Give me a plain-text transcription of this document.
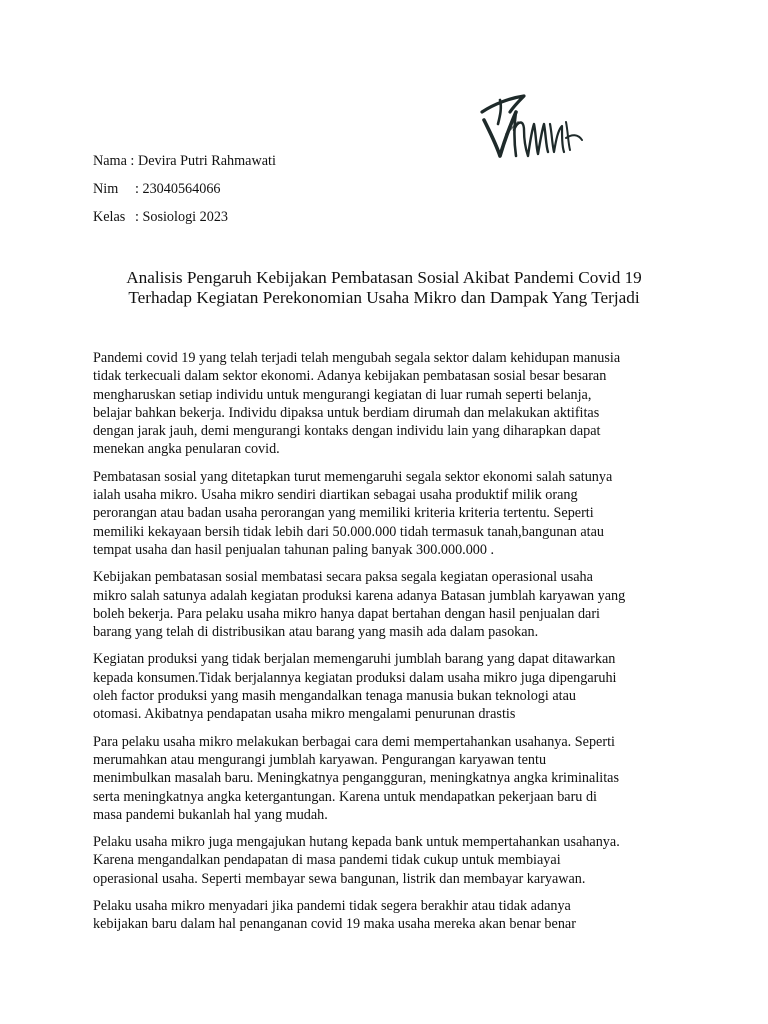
Nama :Devira Putri Rahmawati
Nim : 23040564066
Kelas : Sosiologi 2023
Analisis Pengaruh Kebijakan Pembatasan Sosial Akibat Pandemi Covid 19
Terhadap Kegiatan Perekonomian Usaha Mikro dan Dampak Yang Terjadi

Pandemi covid 19 yang telah terjadi telah mengubah segala sektor dalam kehidupan manusia
tidak terkecuali dalam sektor ekonomi. Adanya kebijakan pembatasan sosial besar besaran
mengharuskan setiap individu untuk mengurangi kegiatan di luar rumah seperti belanja,
belajar bahkan bekerja. Individu dipaksa untuk berdiam dirumah dan melakukan aktifitas
dengan jarak jauh, demi mengurangi kontaks dengan individu lain yang diharapkan dapat
menekan angka penularan covid.

Pembatasan sosial yang ditetapkan turut memengaruhi segala sektor ekonomi salah satunya
ialah usaha mikro. Usaha mikro sendiri diartikan sebagai usaha produktif milik orang
perorangan atau badan usaha perorangan yang memiliki kriteria kriteria tertentu. Seperti
memiliki kekayaan bersih tidak lebih dari 50.000.000 tidah termasuk tanah,bangunan atau
tempat usaha dan hasil penjualan tahunan paling banyak 300.000.000 .

Kebijakan pembatasan sosial membatasi secara paksa segala kegiatan operasional usaha
mikro salah satunya adalah kegiatan produksi karena adanya Batasan jumblah karyawan yang
boleh bekerja. Para pelaku usaha mikro hanya dapat bertahan dengan hasil penjualan dari
barang yang telah di distribusikan atau barang yang masih ada dalam pasokan.

Kegiatan produksi yang tidak berjalan memengaruhi jumblah barang yang dapat ditawarkan
kepada konsumen.Tidak berjalannya kegiatan produksi dalam usaha mikro juga dipengaruhi
oleh factor produksi yang masih mengandalkan tenaga manusia bukan teknologi atau
otomasi. Akibatnya pendapatan usaha mikro mengalami penurunan drastis

Para pelaku usaha mikro melakukan berbagai cara demi mempertahankan usahanya. Seperti
merumahkan atau mengurangi jumblah karyawan. Pengurangan karyawan tentu
menimbulkan masalah baru. Meningkatnya pengangguran, meningkatnya angka kriminalitas
serta meningkatnya angka ketergantungan. Karena untuk mendapatkan pekerjaan baru di
masa pandemi bukanlah hal yang mudah.

Pelaku usaha mikro juga mengajukan hutang kepada bank untuk mempertahankan usahanya.
Karena mengandalkan pendapatan di masa pandemi tidak cukup untuk membiayai
operasional usaha. Seperti membayar sewa bangunan, listrik dan membayar karyawan.

Pelaku usaha mikro menyadari jika pandemi tidak segera berakhir atau tidak adanya
kebijakan baru dalam hal penanganan covid 19 maka usaha mereka akan benar benar
